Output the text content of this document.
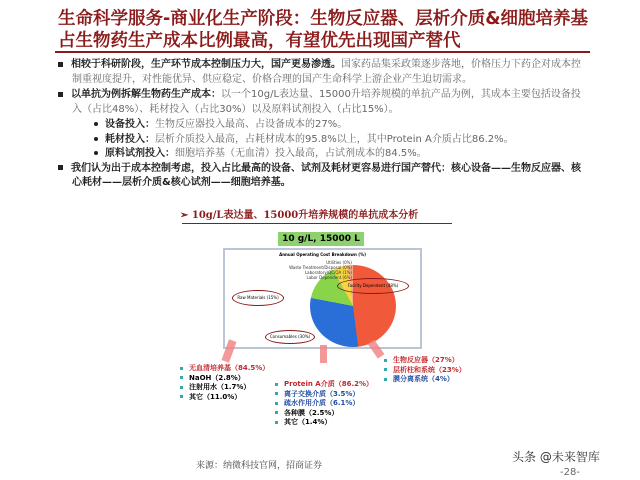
生命科学服务-商业化生产阶段：生物反应器、层析介质&细胞培养基占生物药生产成本比例最高，有望优先出现国产替代
相较于科研阶段，生产环节成本控制压力大，国产更易渗透。国家药品集采政策逐步落地，价格压力下药企对成本控制重视度提升，对性能优异、供应稳定、价格合理的国产生命科学上游企业产生迫切需求。
以单抗为例拆解生物药生产成本：以一个10g/L表达量、15000升培养规模的单抗产品为例，其成本主要包括设备投入（占比48%）、耗材投入（占比30%）以及原料试剂投入（占比15%）。
设备投入：生物反应器投入最高、占设备成本的27%。
耗材投入：层析介质投入最高，占耗材成本的95.8%以上，其中Protein A介质占比86.2%。
原料试剂投入：细胞培养基（无血清）投入最高，占试剂成本的84.5%。
我们认为出于成本控制考虑，投入占比最高的设备、试剂及耗材更容易进行国产替代：核心设备——生物反应器、核心耗材——层析介质&核心试剂——细胞培养基。
➢ 10g/L表达量、15000升培养规模的单抗成本分析
10 g/L, 15000 L
Annual Operating Cost Breakdown (%)
Utilities (0%)
Waste Treatment/Disposal (0%)
Laboratory/QC/QA (1%)
Labor Dependent (6%)
Facility Dependent (48%)
Raw Materials (15%)
Consumables (30%)
无血清培养基（84.5%）
NaOH（2.8%）
注射用水（1.7%）
其它（11.0%）
Protein A介质（86.2%）
离子交换介质（3.5%）
疏水作用介质（6.1%）
各种膜（2.5%）
其它（1.4%）
生物反应器（27%）
层析柱和系统（23%）
膜分离系统（4%）
来源：纳微科技官网，招商证券
头条 @未来智库
-28-
